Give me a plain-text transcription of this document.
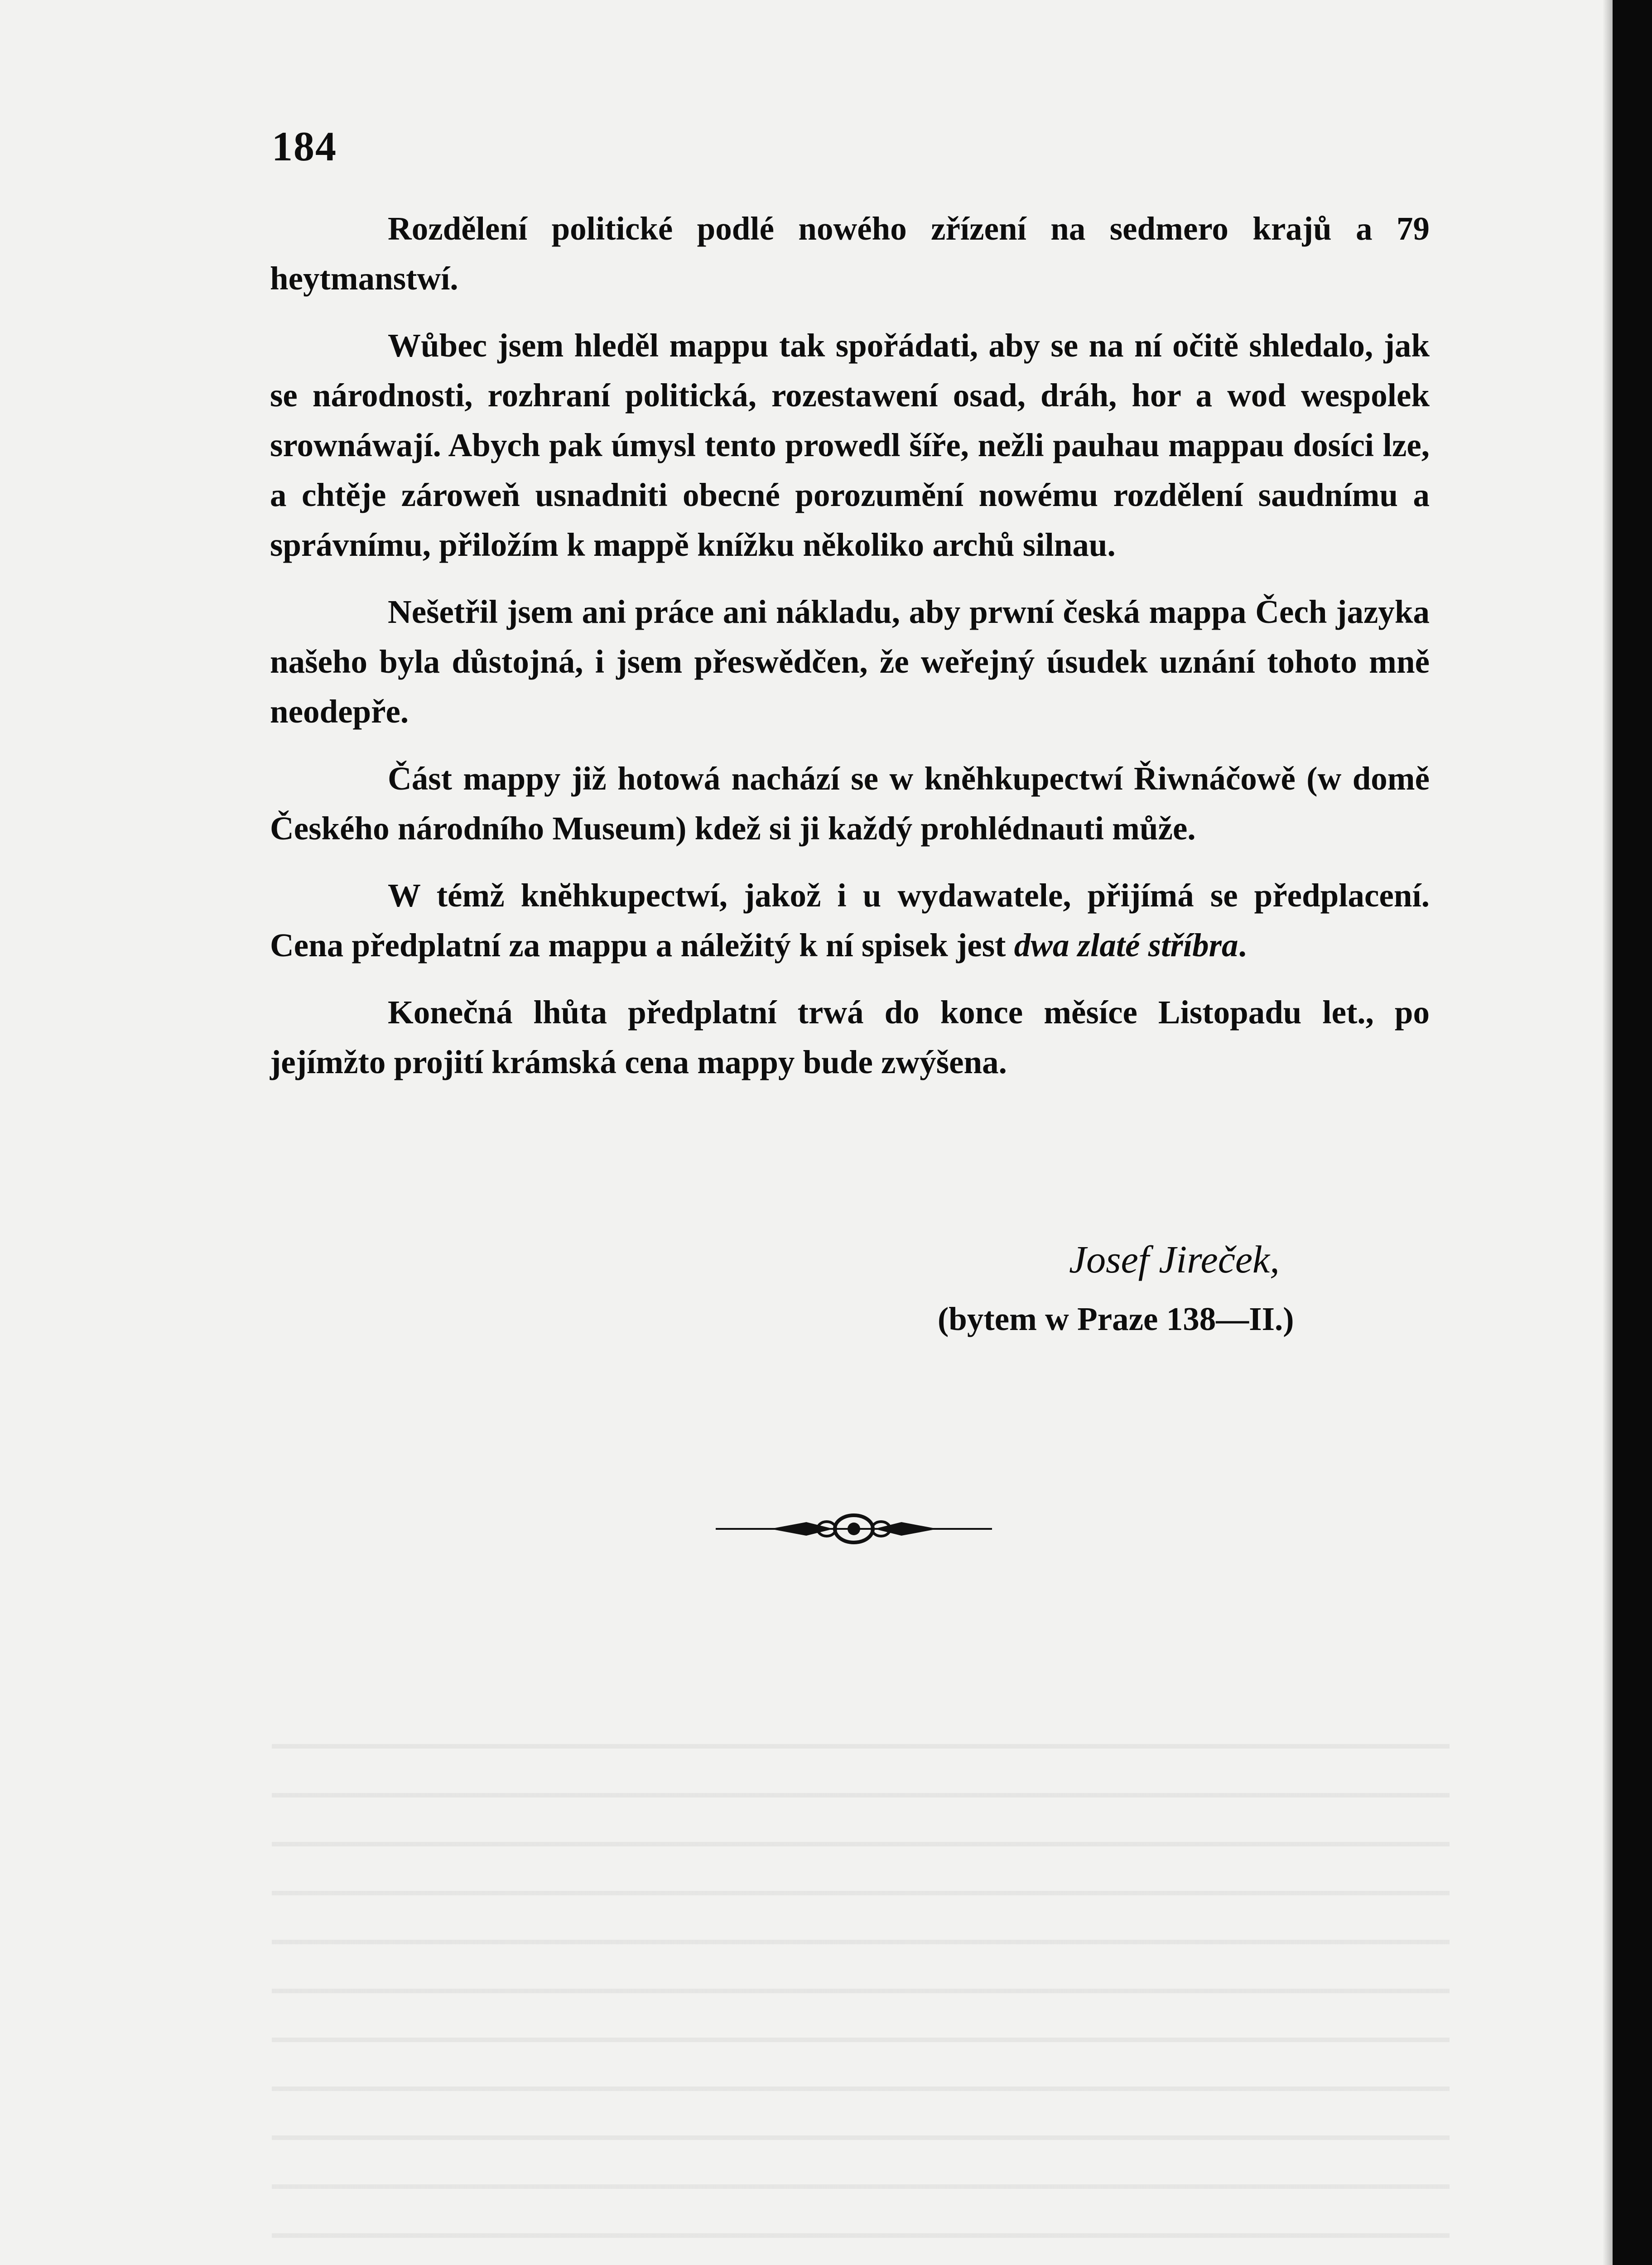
184

Rozdělení politické podlé nowého zřízení na sedmero krajů a 79 heytmanstwí.

Wůbec jsem hleděl mappu tak spořádati, aby se na ní očitě shledalo, jak se národnosti, rozhraní politická, rozestawení osad, dráh, hor a wod wespolek srownáwají. Abych pak úmysl tento prowedl šíře, nežli pauhau mappau dosíci lze, a chtěje zároweň usnadniti obecné porozumění nowému rozdělení saudnímu a správnímu, přiložím k mappě knížku několiko archů silnau.

Nešetřil jsem ani práce ani nákladu, aby prwní česká mappa Čech jazyka našeho byla důstojná, i jsem přeswědčen, že weřejný úsudek uznání tohoto mně neodepře.

Část mappy již hotowá nachází se w kněhkupectwí Řiwnáčowě (w domě Českého národního Museum) kdež si ji každý prohlédnauti může.

W témž knĕhkupectwí, jakož i u wydawatele, přijímá se předplacení. Cena předplatní za mappu a náležitý k ní spisek jest dwa zlaté stříbra.

Konečná lhůta předplatní trwá do konce měsíce Listopadu let., po jejímžto projití krámská cena mappy bude zwýšena.

Josef Jireček,
(bytem w Praze 138—II.)
